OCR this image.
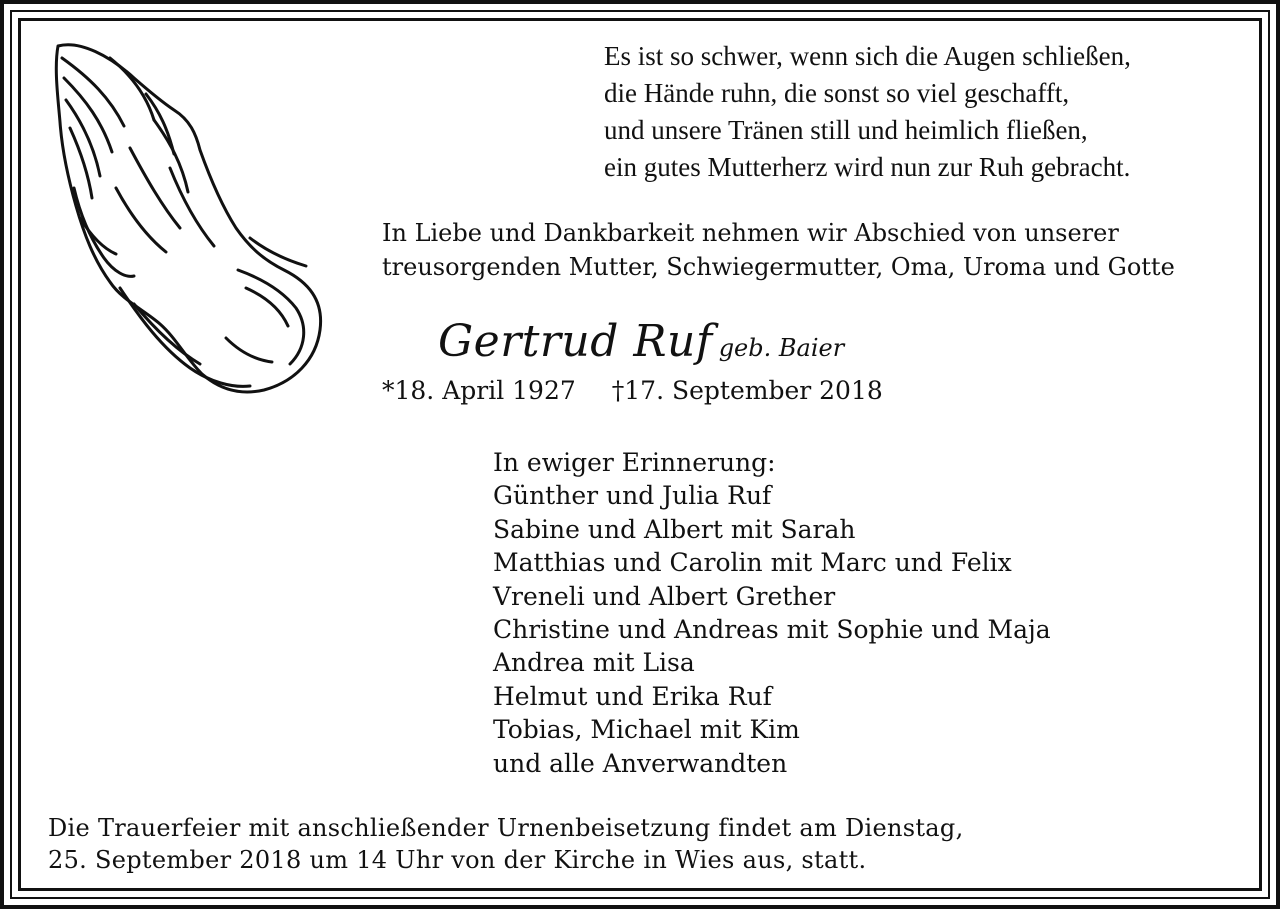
Es ist so schwer, wenn sich die Augen schließen,
die Hände ruhn, die sonst so viel geschafft,
und unsere Tränen still und heimlich fließen,
ein gutes Mutterherz wird nun zur Ruh gebracht.
In Liebe und Dankbarkeit nehmen wir Abschied von unserer
treusorgenden Mutter, Schwiegermutter, Oma, Uroma und Gotte
Gertrud Ruf geb. Baier
*18. April 1927 †17. September 2018
In ewiger Erinnerung:
Günther und Julia Ruf
Sabine und Albert mit Sarah
Matthias und Carolin mit Marc und Felix
Vreneli und Albert Grether
Christine und Andreas mit Sophie und Maja
Andrea mit Lisa
Helmut und Erika Ruf
Tobias, Michael mit Kim
und alle Anverwandten
Die Trauerfeier mit anschließender Urnenbeisetzung findet am Dienstag,
25. September 2018 um 14 Uhr von der Kirche in Wies aus, statt.
